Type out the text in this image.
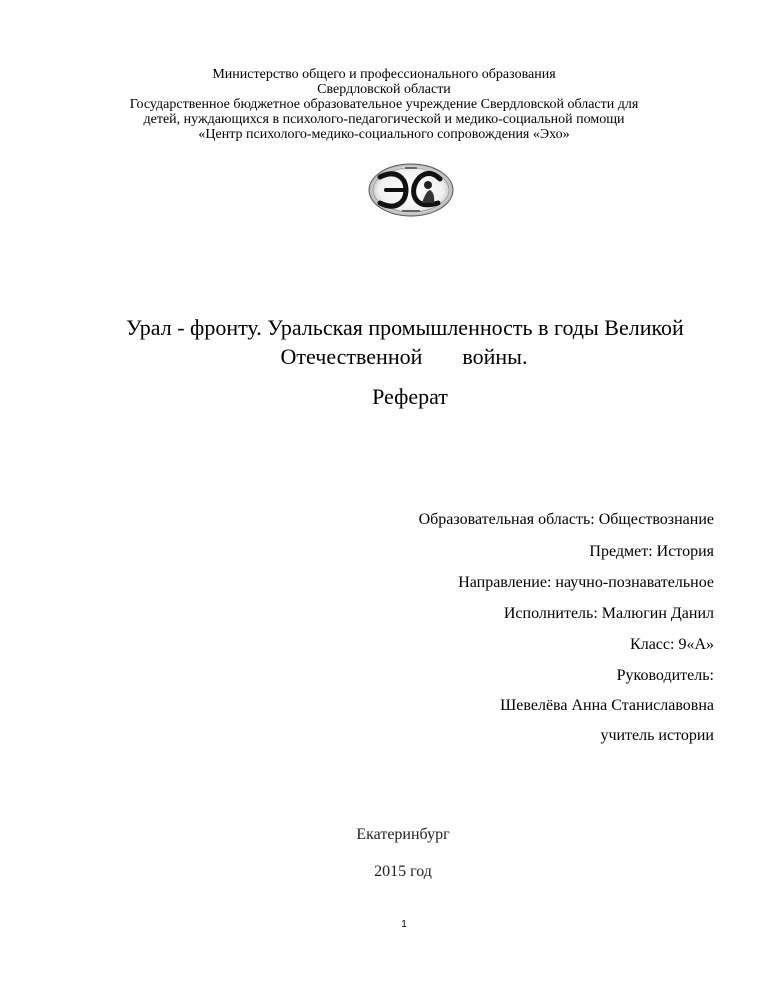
Министерство общего и профессионального образования
Свердловской области
Государственное бюджетное образовательное учреждение Свердловской области для
детей, нуждающихся в психолого-педагогической и медико-социальной помощи
«Центр психолого-медико-социального сопровождения «Эхо»
Урал - фронту. Уральская промышленность в годы Великой
Отечественной войны.
Реферат
Образовательная область: Обществознание
Предмет: История
Направление: научно-познавательное
Исполнитель: Малюгин Данил
Класс: 9«А»
Руководитель:
Шевелёва Анна Станиславовна
учитель истории
Екатеринбург
2015 год
1
